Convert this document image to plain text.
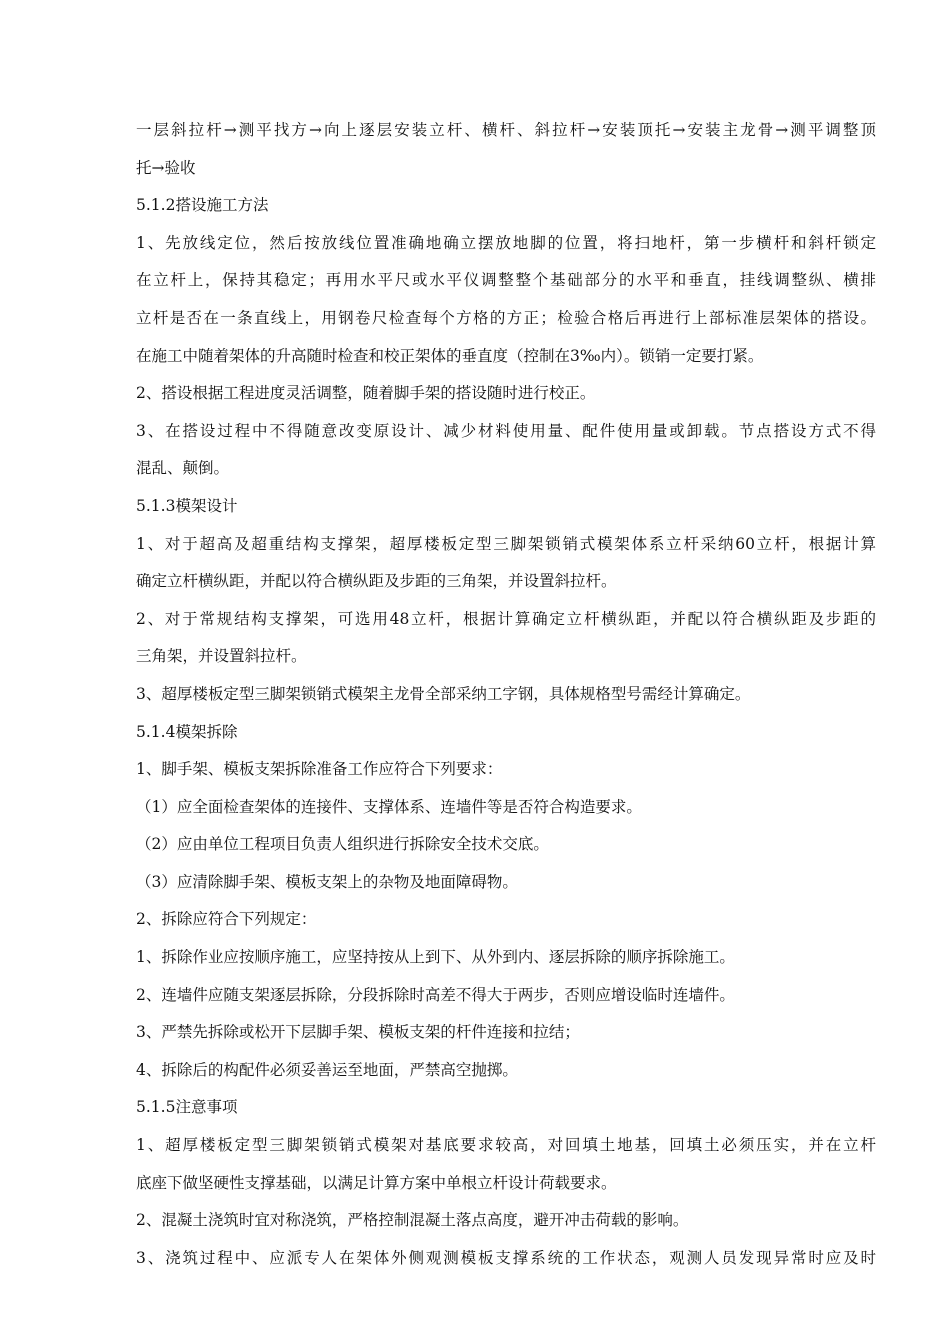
一层斜拉杆→测平找方→向上逐层安装立杆、横杆、斜拉杆→安装顶托→安装主龙骨→测平调整顶
托→验收
5.1.2搭设施工方法
1、先放线定位，然后按放线位置准确地确立摆放地脚的位置，将扫地杆，第一步横杆和斜杆锁定
在立杆上，保持其稳定；再用水平尺或水平仪调整整个基础部分的水平和垂直，挂线调整纵、横排
立杆是否在一条直线上，用钢卷尺检查每个方格的方正；检验合格后再进行上部标准层架体的搭设。
在施工中随着架体的升高随时检查和校正架体的垂直度（控制在3‰内）。锁销一定要打紧。
2、搭设根据工程进度灵活调整，随着脚手架的搭设随时进行校正。
3、在搭设过程中不得随意改变原设计、减少材料使用量、配件使用量或卸载。节点搭设方式不得
混乱、颠倒。
5.1.3模架设计
1、对于超高及超重结构支撑架，超厚楼板定型三脚架锁销式模架体系立杆采纳60立杆，根据计算
确定立杆横纵距，并配以符合横纵距及步距的三角架，并设置斜拉杆。
2、对于常规结构支撑架，可选用48立杆，根据计算确定立杆横纵距，并配以符合横纵距及步距的
三角架，并设置斜拉杆。
3、超厚楼板定型三脚架锁销式模架主龙骨全部采纳工字钢，具体规格型号需经计算确定。
5.1.4模架拆除
1、脚手架、模板支架拆除准备工作应符合下列要求：
（1）应全面检查架体的连接件、支撑体系、连墙件等是否符合构造要求。
（2）应由单位工程项目负责人组织进行拆除安全技术交底。
（3）应清除脚手架、模板支架上的杂物及地面障碍物。
2、拆除应符合下列规定：
1、拆除作业应按顺序施工，应坚持按从上到下、从外到内、逐层拆除的顺序拆除施工。
2、连墙件应随支架逐层拆除，分段拆除时高差不得大于两步，否则应增设临时连墙件。
3、严禁先拆除或松开下层脚手架、模板支架的杆件连接和拉结；
4、拆除后的构配件必须妥善运至地面，严禁高空抛掷。
5.1.5注意事项
1、超厚楼板定型三脚架锁销式模架对基底要求较高，对回填土地基，回填土必须压实，并在立杆
底座下做坚硬性支撑基础，以满足计算方案中单根立杆设计荷载要求。
2、混凝土浇筑时宜对称浇筑，严格控制混凝土落点高度，避开冲击荷载的影响。
3、浇筑过程中、应派专人在架体外侧观测模板支撑系统的工作状态，观测人员发现异常时应及时
